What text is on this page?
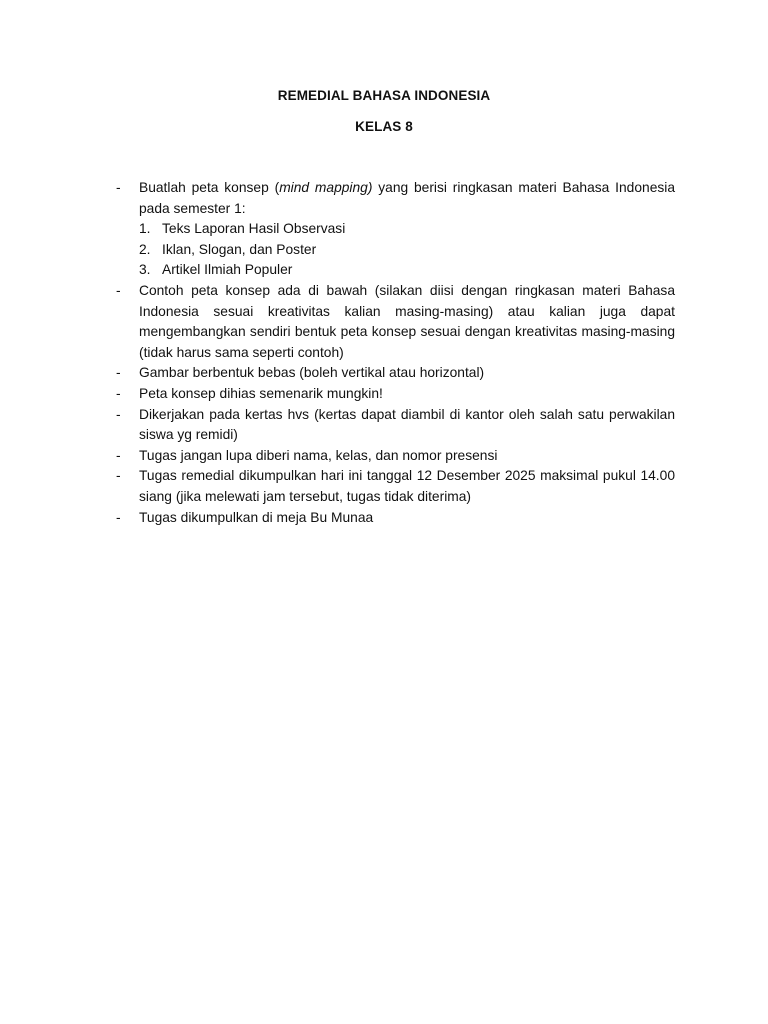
REMEDIAL BAHASA INDONESIA

KELAS 8

-	Buatlah peta konsep (mind mapping) yang berisi ringkasan materi Bahasa Indonesia pada semester 1:
1. Teks Laporan Hasil Observasi
2. Iklan, Slogan, dan Poster
3. Artikel Ilmiah Populer
-	Contoh peta konsep ada di bawah (silakan diisi dengan ringkasan materi Bahasa Indonesia sesuai kreativitas kalian masing-masing) atau kalian juga dapat mengembangkan sendiri bentuk peta konsep sesuai dengan kreativitas masing-masing (tidak harus sama seperti contoh)
-	Gambar berbentuk bebas (boleh vertikal atau horizontal)
-	Peta konsep dihias semenarik mungkin!
-	Dikerjakan pada kertas hvs (kertas dapat diambil di kantor oleh salah satu perwakilan siswa yg remidi)
-	Tugas jangan lupa diberi nama, kelas, dan nomor presensi
-	Tugas remedial dikumpulkan hari ini tanggal 12 Desember 2025 maksimal pukul 14.00 siang (jika melewati jam tersebut, tugas tidak diterima)
-	Tugas dikumpulkan di meja Bu Munaa
